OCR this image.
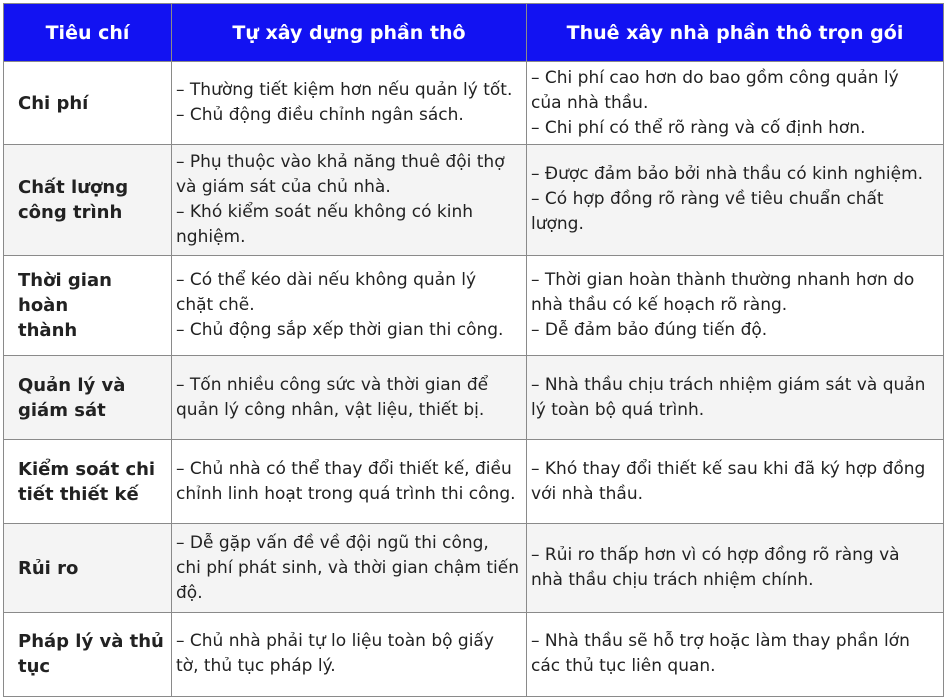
Tiêu chí	Tự xây dựng phần thô	Thuê xây nhà phần thô trọn gói

Chi phí	– Thường tiết kiệm hơn nếu quản lý tốt.
– Chủ động điều chỉnh ngân sách.	– Chi phí cao hơn do bao gồm công quản lý
của nhà thầu.
– Chi phí có thể rõ ràng và cố định hơn.

Chất lượng
công trình	– Phụ thuộc vào khả năng thuê đội thợ
và giám sát của chủ nhà.
– Khó kiểm soát nếu không có kinh
nghiệm.	– Được đảm bảo bởi nhà thầu có kinh nghiệm.
– Có hợp đồng rõ ràng về tiêu chuẩn chất
lượng.

Thời gian hoàn
thành	– Có thể kéo dài nếu không quản lý
chặt chẽ.
– Chủ động sắp xếp thời gian thi công.	– Thời gian hoàn thành thường nhanh hơn do
nhà thầu có kế hoạch rõ ràng.
– Dễ đảm bảo đúng tiến độ.

Quản lý và
giám sát	– Tốn nhiều công sức và thời gian để
quản lý công nhân, vật liệu, thiết bị.	– Nhà thầu chịu trách nhiệm giám sát và quản
lý toàn bộ quá trình.

Kiểm soát chi
tiết thiết kế	– Chủ nhà có thể thay đổi thiết kế, điều
chỉnh linh hoạt trong quá trình thi công.	– Khó thay đổi thiết kế sau khi đã ký hợp đồng
với nhà thầu.

Rủi ro	– Dễ gặp vấn đề về đội ngũ thi công,
chi phí phát sinh, và thời gian chậm tiến
độ.	– Rủi ro thấp hơn vì có hợp đồng rõ ràng và
nhà thầu chịu trách nhiệm chính.

Pháp lý và thủ
tục	– Chủ nhà phải tự lo liệu toàn bộ giấy
tờ, thủ tục pháp lý.	– Nhà thầu sẽ hỗ trợ hoặc làm thay phần lớn
các thủ tục liên quan.
